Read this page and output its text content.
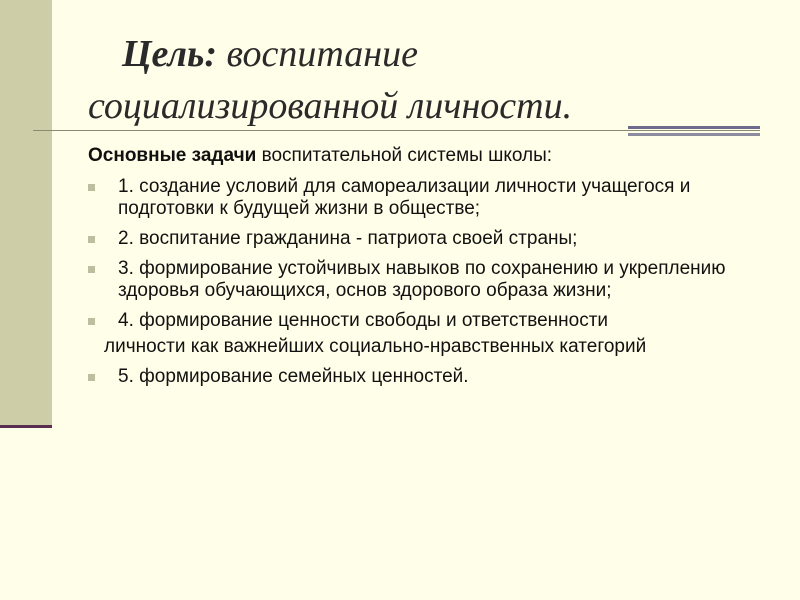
Цель: воспитание
социализированной личности.
Основные задачи воспитательной системы школы:
1. создание условий для самореализации личности учащегося и подготовки к будущей жизни в обществе;
2. воспитание гражданина - патриота своей страны;
3. формирование устойчивых навыков по сохранению и укреплению здоровья обучающихся, основ здорового образа жизни;
4. формирование ценности свободы и ответственности
личности как важнейших социально-нравственных категорий
5. формирование семейных ценностей.
